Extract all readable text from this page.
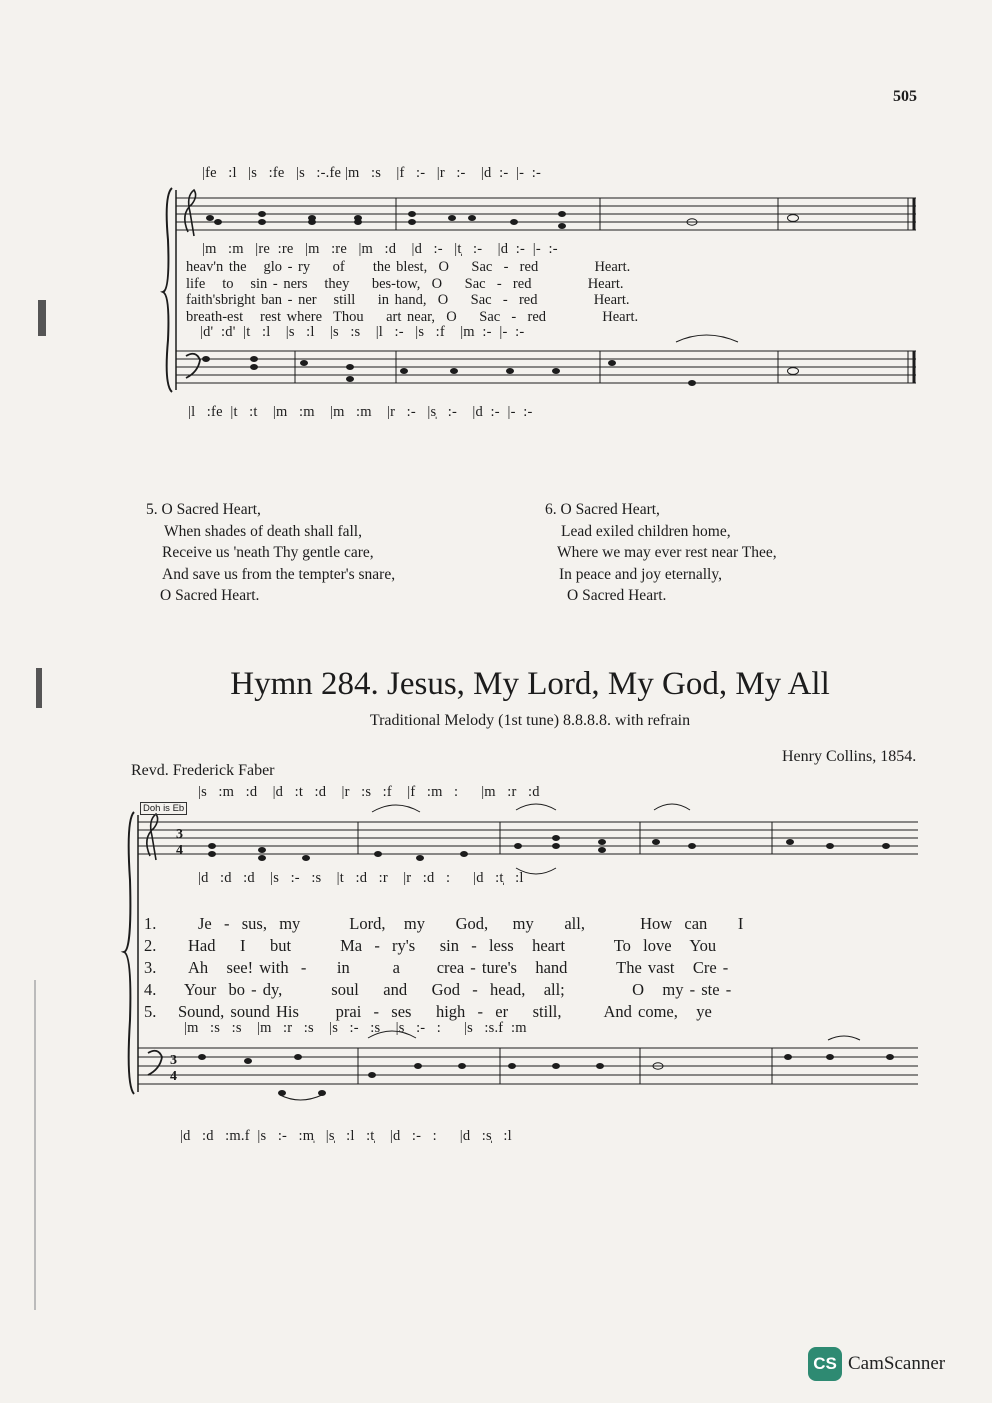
3
4
3
4
505
|fe   :l   |s   :fe   |s   :-.fe |m   :s    |f   :-   |r   :-    |d  :-  |-  :-
|m   :m   |re  :re   |m   :re   |m   :d    |d   :-   |t̩   :-    |d  :-  |-  :-
heav'n the   glo - ry    of     the blest,  O    Sac  -  red          Heart.
life   to   sin - ners   they    bes-tow,  O    Sac  -  red          Heart.
faith'sbright ban - ner   still    in hand,  O    Sac  -  red          Heart.
breath-est   rest where  Thou    art near,  O    Sac  -  red          Heart.
|d'  :d'  |t   :l    |s   :l    |s   :s    |l   :-   |s   :f    |m  :-  |-  :-
|l   :fe  |t   :t    |m   :m    |m   :m    |r   :-   |s̩   :-    |d  :-  |-  :-
5. O Sacred Heart,
When shades of death shall fall,
Receive us 'neath Thy gentle care,
And save us from the tempter's snare,
O Sacred Heart.
6. O Sacred Heart,
Lead exiled children home,
Where we may ever rest near Thee,
In peace and joy eternally,
O Sacred Heart.
Hymn 284. Jesus, My Lord, My God, My All
Traditional Melody (1st tune) 8.8.8.8. with refrain
Henry Collins, 1854.
Revd. Frederick Faber
Doh is Eb
|s   :m   :d    |d   :t   :d    |r   :s   :f    |f   :m   :      |m   :r   :d
|d   :d   :d    |s   :-   :s    |t   :d   :r    |r   :d   :      |d   :t̩   :l
1.
2.
3.
4.
5.
Je  -  sus,  my        Lord,   my     God,    my     all,         How  can     I
Had    I    but        Ma  -  ry's    sin  -  less   heart        To  love   You
Ah   see! with  -     in       a      crea - ture's   hand        The vast   Cre -
Your  bo - dy,        soul    and    God  -  head,   all;           O   my - ste -
Sound, sound His      prai  -  ses    high  -  er    still,       And come,   ye
|m   :s   :s    |m   :r   :s    |s   :-   :s    |s   :-   :      |s   :s.f  :m
|d   :d   :m.f  |s   :-   :m̩   |s̩   :l   :t̩    |d   :-   :      |d   :s̩   :l
CS CamScanner
